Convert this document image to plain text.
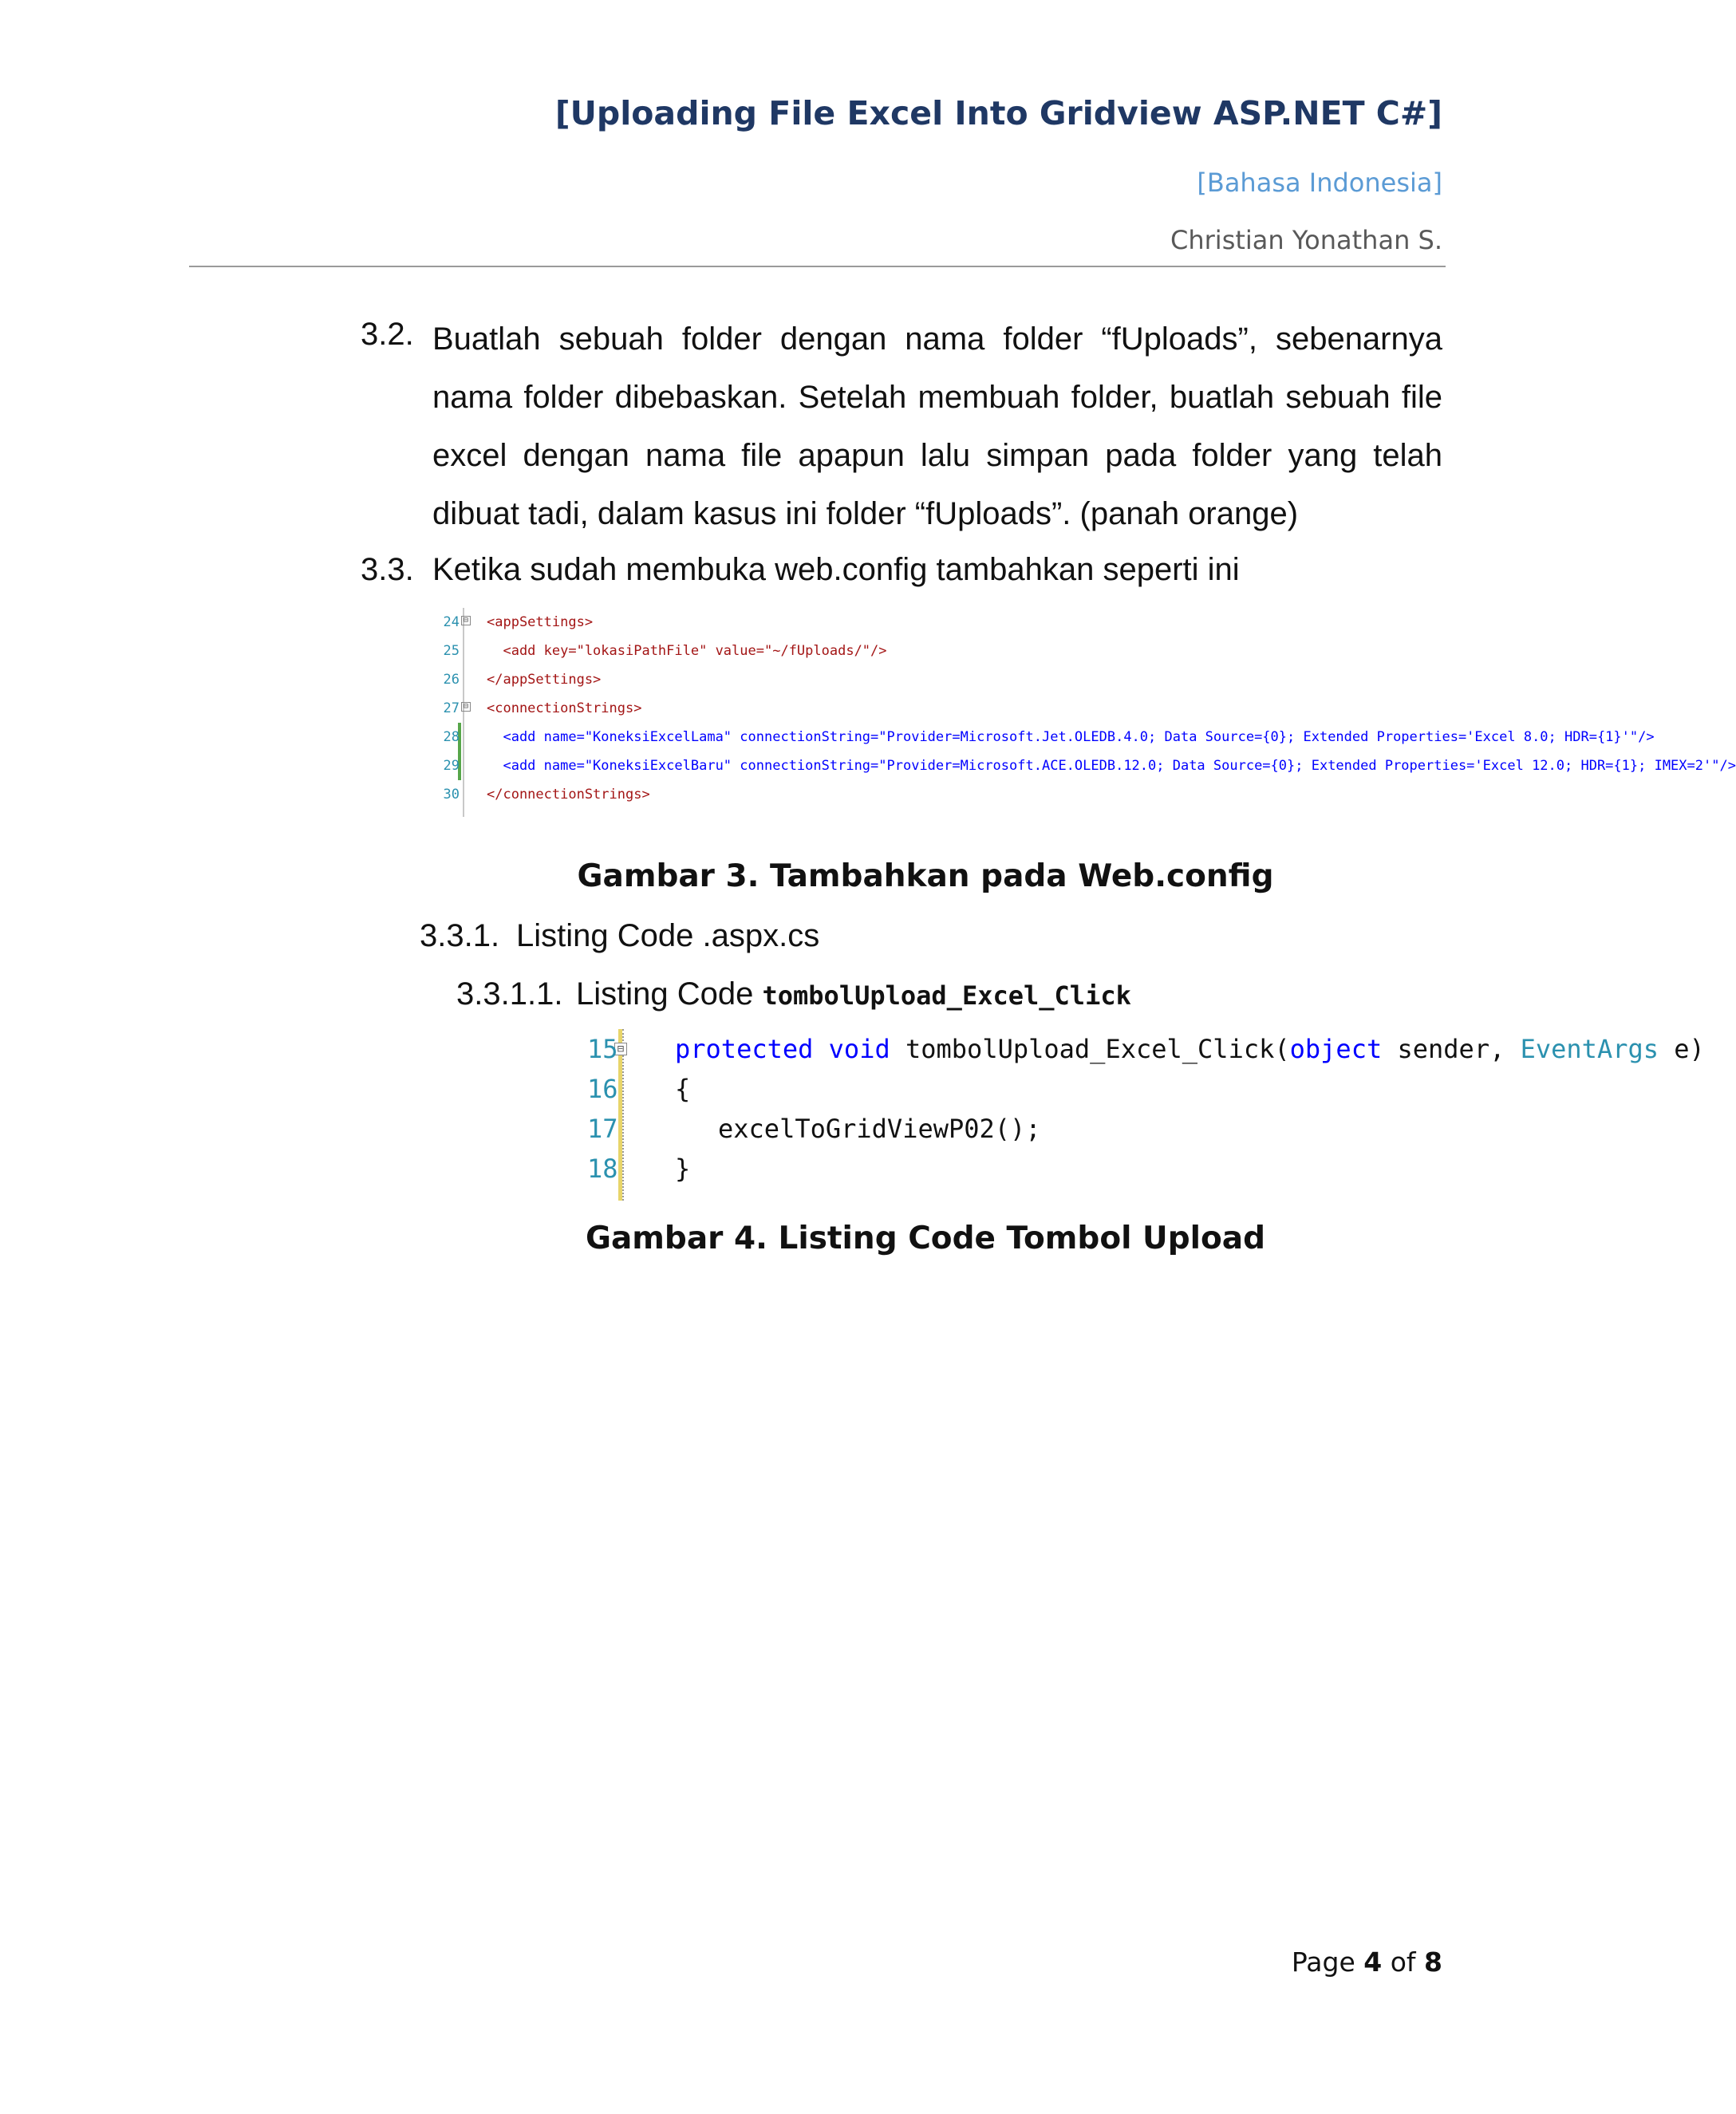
[Uploading File Excel Into Gridview ASP.NET C#]
[Bahasa Indonesia]
Christian Yonathan S.
3.2. Buatlah sebuah folder dengan nama folder “fUploads”, sebenarnya nama folder dibebaskan. Setelah membuah folder, buatlah sebuah file excel dengan nama file apapun lalu simpan pada folder yang telah dibuat tadi, dalam kasus ini folder “fUploads”. (panah orange)
3.3. Ketika sudah membuka web.config tambahkan seperti ini
24 ⊟ <appSettings>
25 <add key="lokasiPathFile" value="~/fUploads/"/>
26 </appSettings>
27 ⊟ <connectionStrings>
28 <add name="KoneksiExcelLama" connectionString="Provider=Microsoft.Jet.OLEDB.4.0; Data Source={0}; Extended Properties='Excel 8.0; HDR={1}'"/>
29 <add name="KoneksiExcelBaru" connectionString="Provider=Microsoft.ACE.OLEDB.12.0; Data Source={0}; Extended Properties='Excel 12.0; HDR={1}; IMEX=2'"/>
30 </connectionStrings>
Gambar 3. Tambahkan pada Web.config
3.3.1. Listing Code .aspx.cs
3.3.1.1. Listing Code tombolUpload_Excel_Click
⊟
15 protected void tombolUpload_Excel_Click(object sender, EventArgs e)
16 {
17	excelToGridViewP02();
18 }
Gambar 4. Listing Code Tombol Upload
Page 4 of 8
